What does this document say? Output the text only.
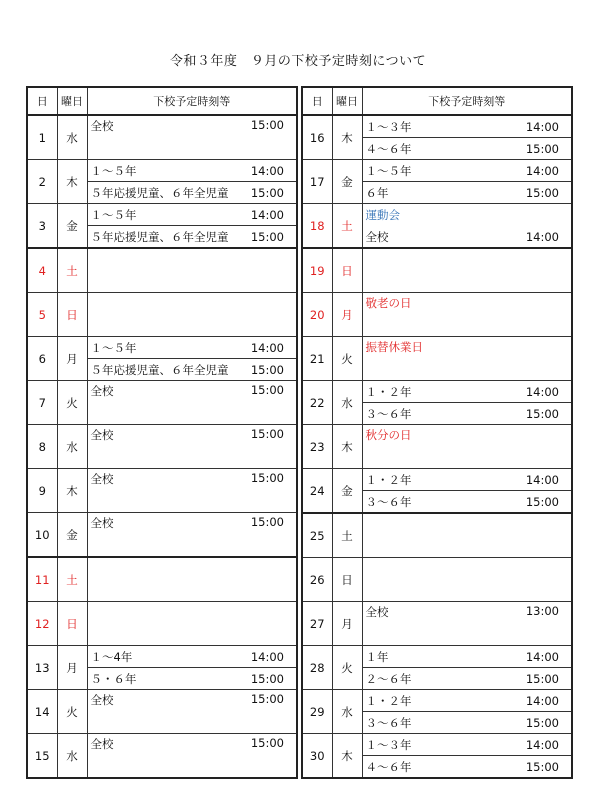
令和３年度　９月の下校予定時刻について
日	曜日	下校予定時刻等
1	水	全校 15:00

2	木	１～５年 14:00
５年応援児童、６年全児童 15:00

3	金	１～５年 14:00
５年応援児童、６年全児童 15:00

4	土	

5	日	

6	月	１～５年 14:00
５年応援児童、６年全児童 15:00

7	火	全校 15:00

8	水	全校 15:00

9	木	全校 15:00

10	金	全校 15:00

11	土	

12	日	

13	月	１～4年 14:00
５・６年 15:00

14	火	全校 15:00

15	水	全校 15:00
日	曜日	下校予定時刻等
16	木	１～３年 14:00
４～６年 15:00

17	金	１～５年 14:00
６年 15:00

18	土	運動会
全校 14:00

19	日	

20	月	敬老の日

21	火	振替休業日

22	水	１・２年 14:00
３～６年 15:00

23	木	秋分の日

24	金	１・２年 14:00
３～６年 15:00

25	土	

26	日	

27	月	全校 13:00

28	火	１年 14:00
２～６年 15:00

29	水	１・２年 14:00
３～６年 15:00

30	木	１～３年 14:00
４～６年 15:00
